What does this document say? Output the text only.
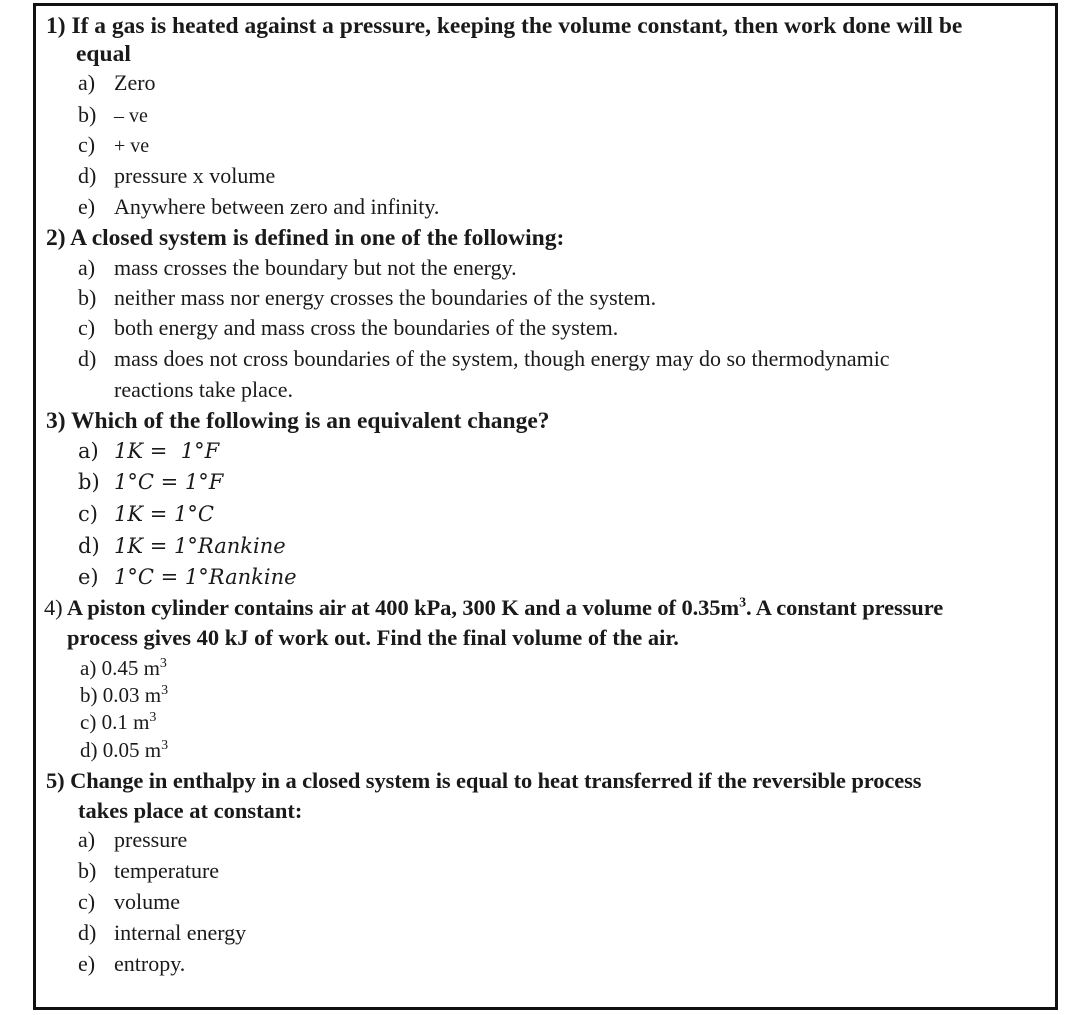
1) If a gas is heated against a pressure, keeping the volume constant, then work done will be
equal
a) Zero
b) – ve
c) + ve
d) pressure x volume
e) Anywhere between zero and infinity.
2) A closed system is defined in one of the following:
a) mass crosses the boundary but not the energy.
b) neither mass nor energy crosses the boundaries of the system.
c) both energy and mass cross the boundaries of the system.
d) mass does not cross boundaries of the system, though energy may do so thermodynamic
reactions take place.
3) Which of the following is an equivalent change?
a) 1K = 1°F
b) 1°C = 1°F
c) 1K = 1°C
d) 1K = 1°Rankine
e) 1°C = 1°Rankine
4) A piston cylinder contains air at 400 kPa, 300 K and a volume of $0.35m^3$. A constant pressure
process gives 40 kJ of work out. Find the final volume of the air.
a) 0.45 $m^3$
b) 0.03 $m^3$
c) 0.1 $m^3$
d) 0.05 $m^3$
5) Change in enthalpy in a closed system is equal to heat transferred if the reversible process
takes place at constant:
a) pressure
b) temperature
c) volume
d) internal energy
e) entropy.
